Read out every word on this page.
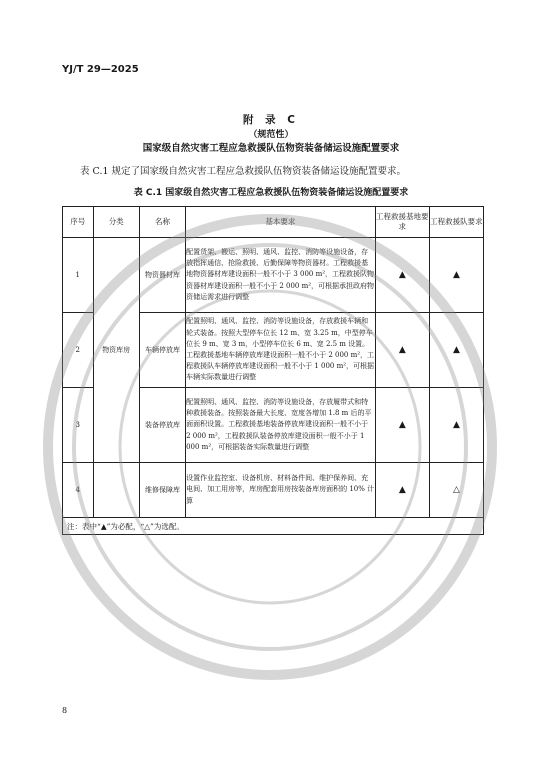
YJ/T 29—2025
附 录 C
（规范性）
国家级自然灾害工程应急救援队伍物资装备储运设施配置要求
表 C.1 规定了国家级自然灾害工程应急救援队伍物资装备储运设施配置要求。
表 C.1 国家级自然灾害工程应急救援队伍物资装备储运设施配置要求
序号	分类	名称	基本要求	工程救援基地要求	工程救援队要求
1	物资库房	物资器材库	配置货架、搬运、照明、通风、监控、消防等设施设备，存放指挥通信、抢险救援、后勤保障等物资器材。工程救援基地物资器材库建设面积一般不小于 3 000 m²，工程救援队物资器材库建设面积一般不小于 2 000 m²，可根据承担政府物资储运需求进行调整	▲	▲
2		车辆停放库	配置照明、通风、监控、消防等设施设备，存放救援车辆和轮式装备。按照大型停车位长 12 m、宽 3.25 m，中型停车位长 9 m、宽 3 m，小型停车位长 6 m、宽 2.5 m 设置。工程救援基地车辆停放库建设面积一般不小于 2 000 m²，工程救援队车辆停放库建设面积一般不小于 1 000 m²，可根据车辆实际数量进行调整	▲	▲
3		装备停放库	配置照明、通风、监控、消防等设施设备，存放履带式和特种救援装备。按照装备最大长度、宽度各增加 1.8 m 后的平面面积设置。工程救援基地装备停放库建设面积一般不小于 2 000 m²，工程救援队装备停放库建设面积一般不小于 1 000 m²，可根据装备实际数量进行调整	▲	▲
4		维修保障库	设置作业监控室、设备机房、材料备件间、维护保养间、充电间、加工用房等，库房配套用房按装备库房面积的 10% 计算	▲	△
注：表中“▲”为必配，“△”为选配。					
8
